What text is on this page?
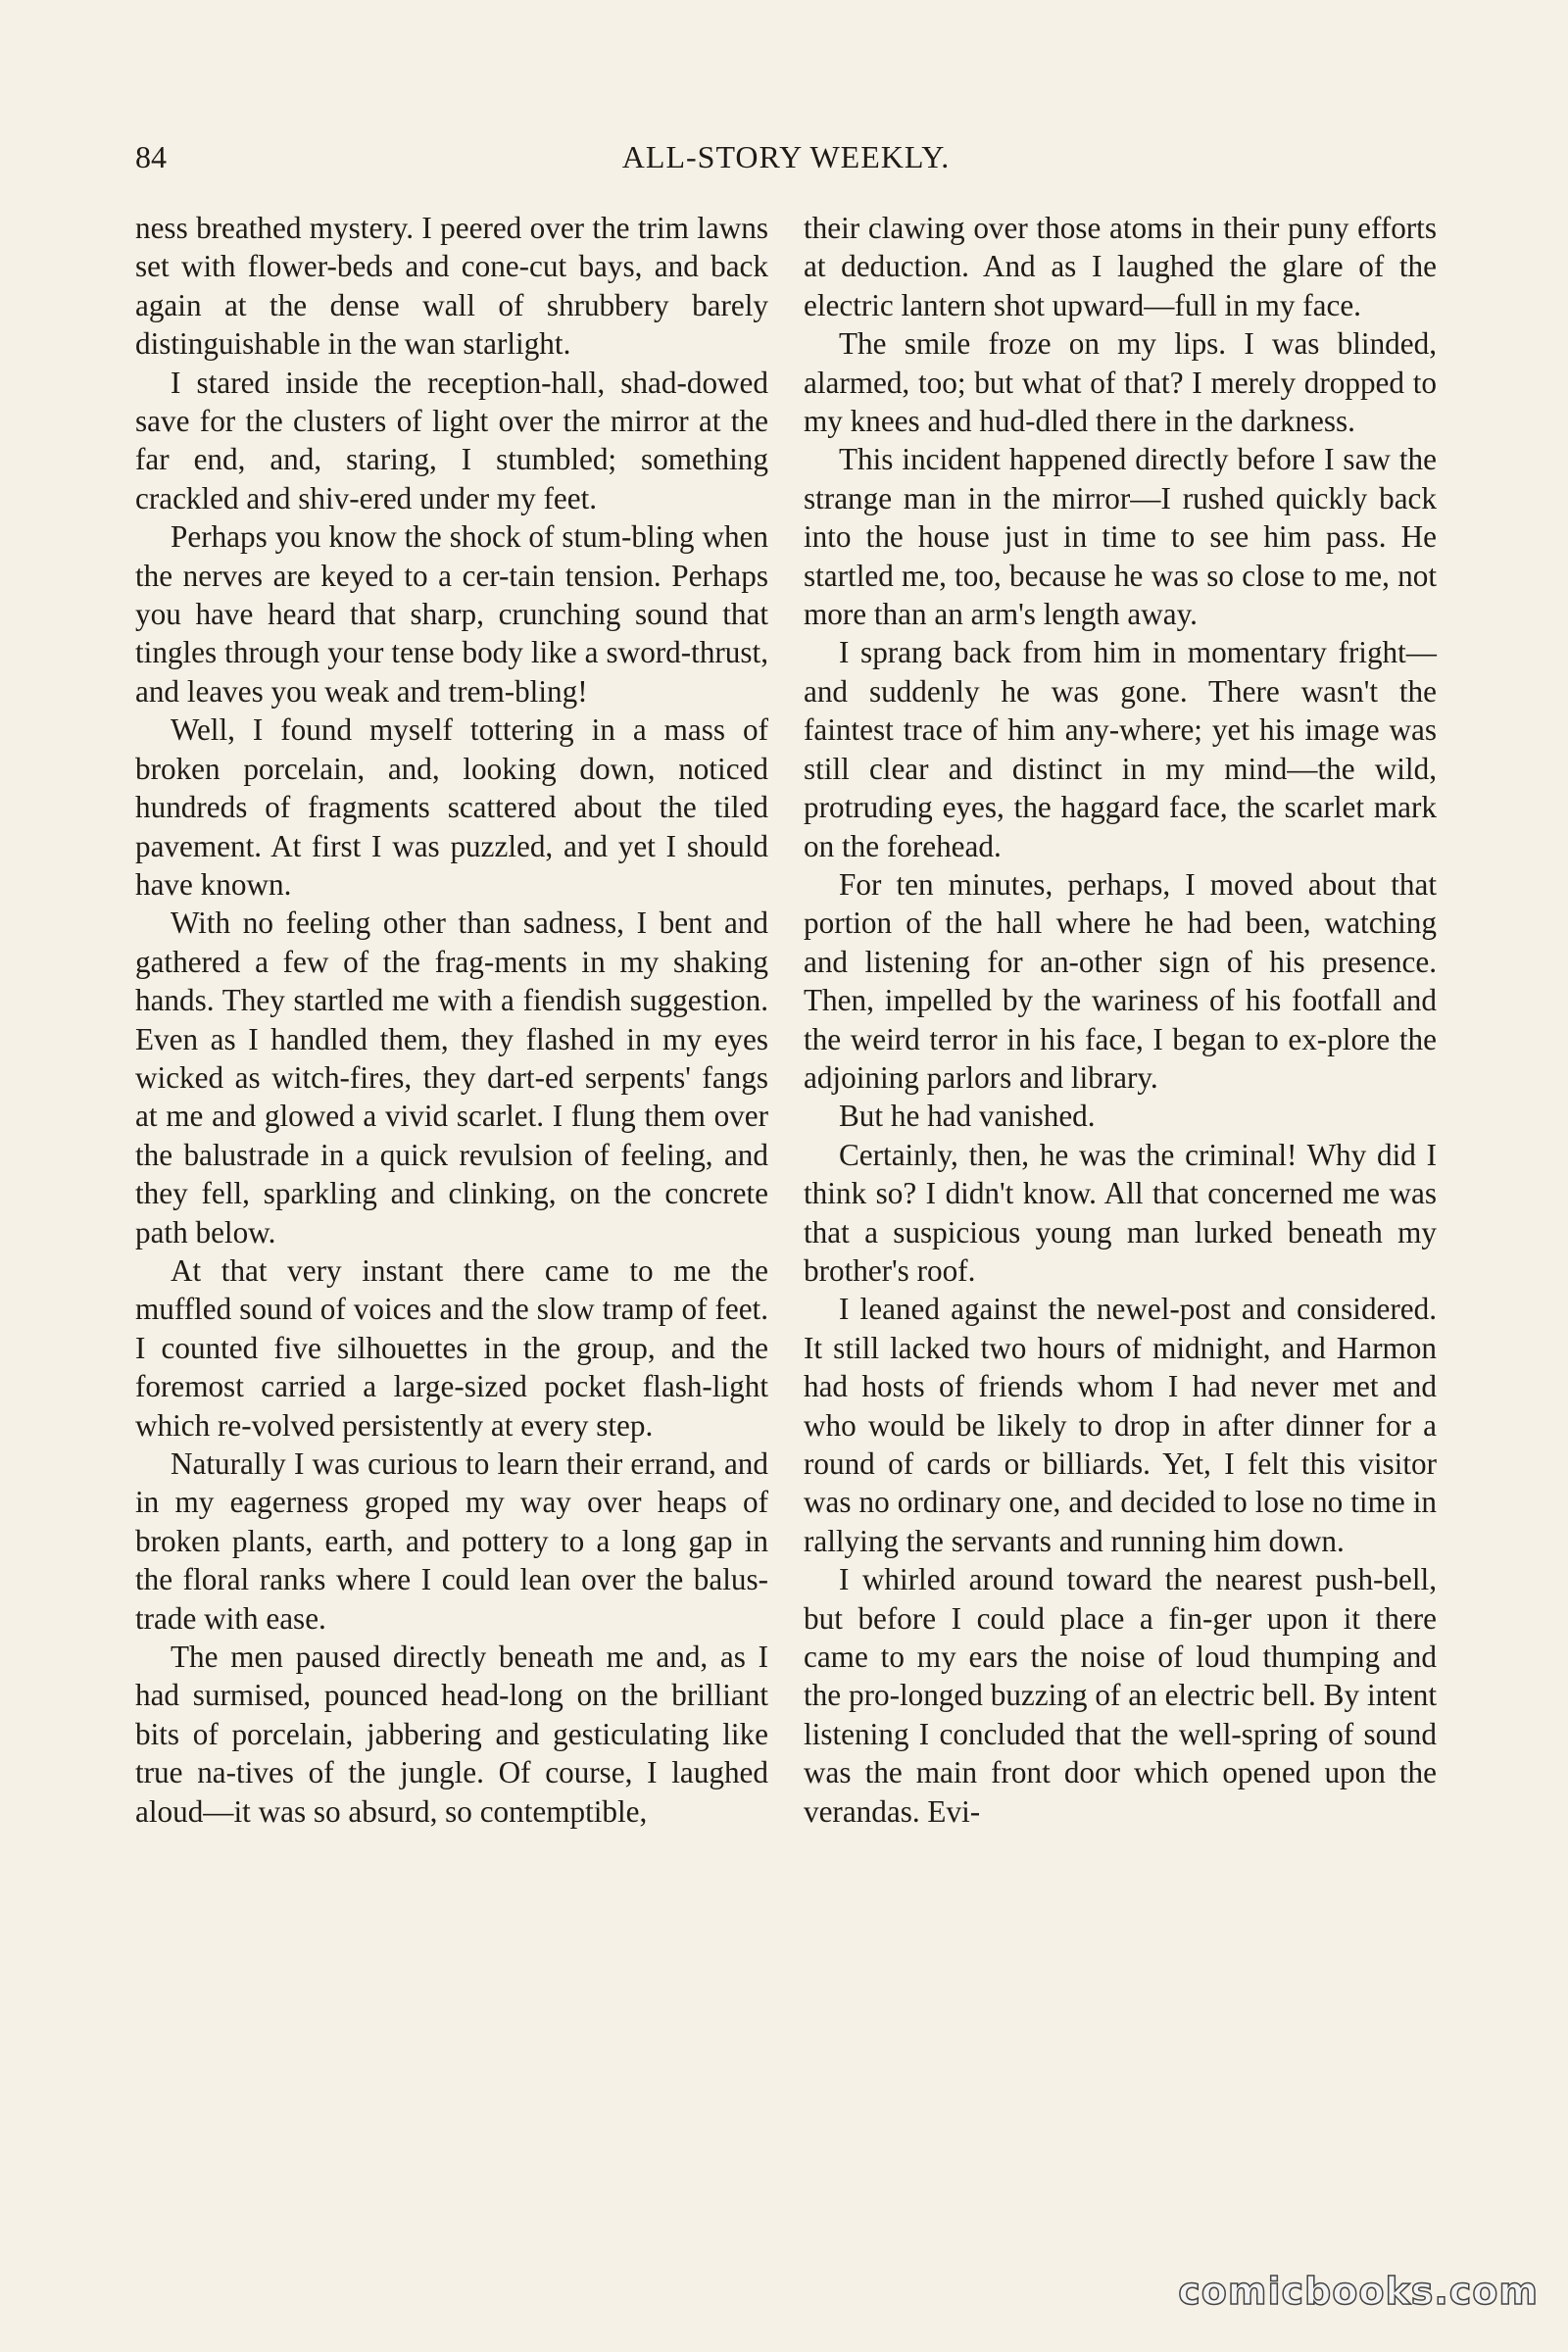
84	ALL-STORY WEEKLY.

ness breathed mystery. I peered over the trim lawns set with flower-beds and cone-cut bays, and back again at the dense wall of shrubbery barely distinguishable in the wan starlight.

I stared inside the reception-hall, shad-dowed save for the clusters of light over the mirror at the far end, and, staring, I stumbled; something crackled and shiv-ered under my feet.

Perhaps you know the shock of stum-bling when the nerves are keyed to a cer-tain tension. Perhaps you have heard that sharp, crunching sound that tingles through your tense body like a sword-thrust, and leaves you weak and trem-bling!

Well, I found myself tottering in a mass of broken porcelain, and, looking down, noticed hundreds of fragments scattered about the tiled pavement. At first I was puzzled, and yet I should have known.

With no feeling other than sadness, I bent and gathered a few of the frag-ments in my shaking hands. They startled me with a fiendish suggestion. Even as I handled them, they flashed in my eyes wicked as witch-fires, they dart-ed serpents' fangs at me and glowed a vivid scarlet. I flung them over the balustrade in a quick revulsion of feeling, and they fell, sparkling and clinking, on the concrete path below.

At that very instant there came to me the muffled sound of voices and the slow tramp of feet. I counted five silhouettes in the group, and the foremost carried a large-sized pocket flash-light which re-volved persistently at every step.

Naturally I was curious to learn their errand, and in my eagerness groped my way over heaps of broken plants, earth, and pottery to a long gap in the floral ranks where I could lean over the balus-trade with ease.

The men paused directly beneath me and, as I had surmised, pounced head-long on the brilliant bits of porcelain, jabbering and gesticulating like true na-tives of the jungle. Of course, I laughed aloud—it was so absurd, so contemptible,

their clawing over those atoms in their puny efforts at deduction. And as I laughed the glare of the electric lantern shot upward—full in my face.

The smile froze on my lips. I was blinded, alarmed, too; but what of that? I merely dropped to my knees and hud-dled there in the darkness.

This incident happened directly before I saw the strange man in the mirror—I rushed quickly back into the house just in time to see him pass. He startled me, too, because he was so close to me, not more than an arm's length away.

I sprang back from him in momentary fright—and suddenly he was gone. There wasn't the faintest trace of him any-where; yet his image was still clear and distinct in my mind—the wild, protruding eyes, the haggard face, the scarlet mark on the forehead.

For ten minutes, perhaps, I moved about that portion of the hall where he had been, watching and listening for an-other sign of his presence. Then, impelled by the wariness of his footfall and the weird terror in his face, I began to ex-plore the adjoining parlors and library.

But he had vanished.

Certainly, then, he was the criminal! Why did I think so? I didn't know. All that concerned me was that a suspicious young man lurked beneath my brother's roof.

I leaned against the newel-post and considered. It still lacked two hours of midnight, and Harmon had hosts of friends whom I had never met and who would be likely to drop in after dinner for a round of cards or billiards. Yet, I felt this visitor was no ordinary one, and decided to lose no time in rallying the servants and running him down.

I whirled around toward the nearest push-bell, but before I could place a fin-ger upon it there came to my ears the noise of loud thumping and the pro-longed buzzing of an electric bell. By intent listening I concluded that the well-spring of sound was the main front door which opened upon the verandas. Evi-

comicbooks.com
